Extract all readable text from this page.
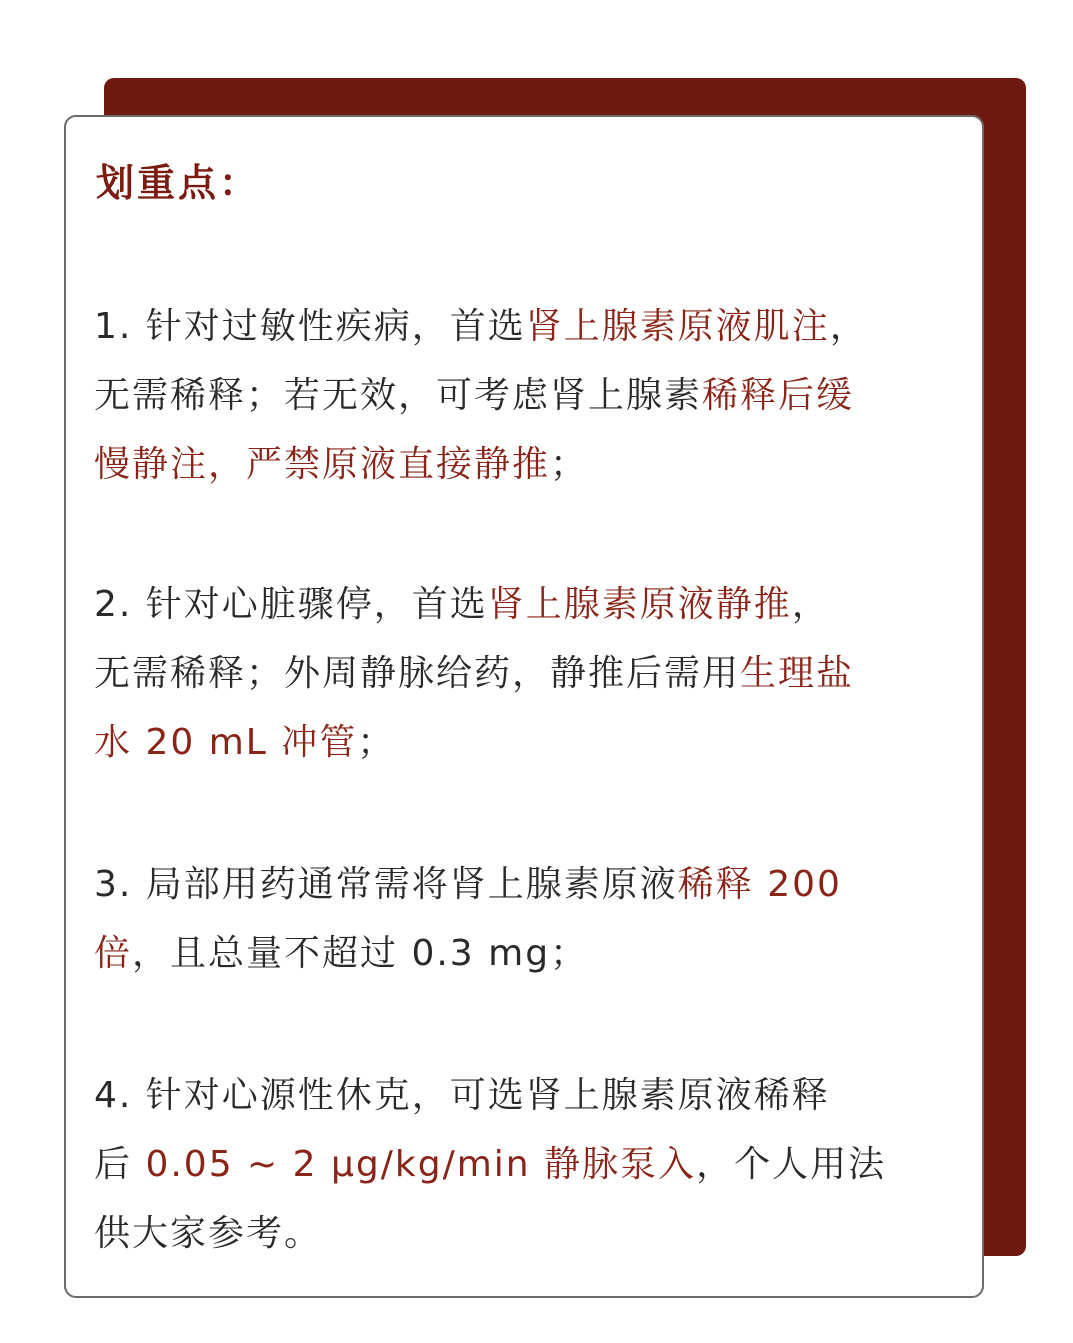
划重点：

1. 针对过敏性疾病，首选肾上腺素原液肌注，
无需稀释；若无效，可考虑肾上腺素稀释后缓
慢静注，严禁原液直接静推；

2. 针对心脏骤停，首选肾上腺素原液静推，
无需稀释；外周静脉给药，静推后需用生理盐
水 20 mL 冲管；

3. 局部用药通常需将肾上腺素原液稀释 200
倍，且总量不超过 0.3 mg；

4. 针对心源性休克，可选肾上腺素原液稀释
后 0.05 ~ 2 μg/kg/min 静脉泵入，个人用法
供大家参考。
